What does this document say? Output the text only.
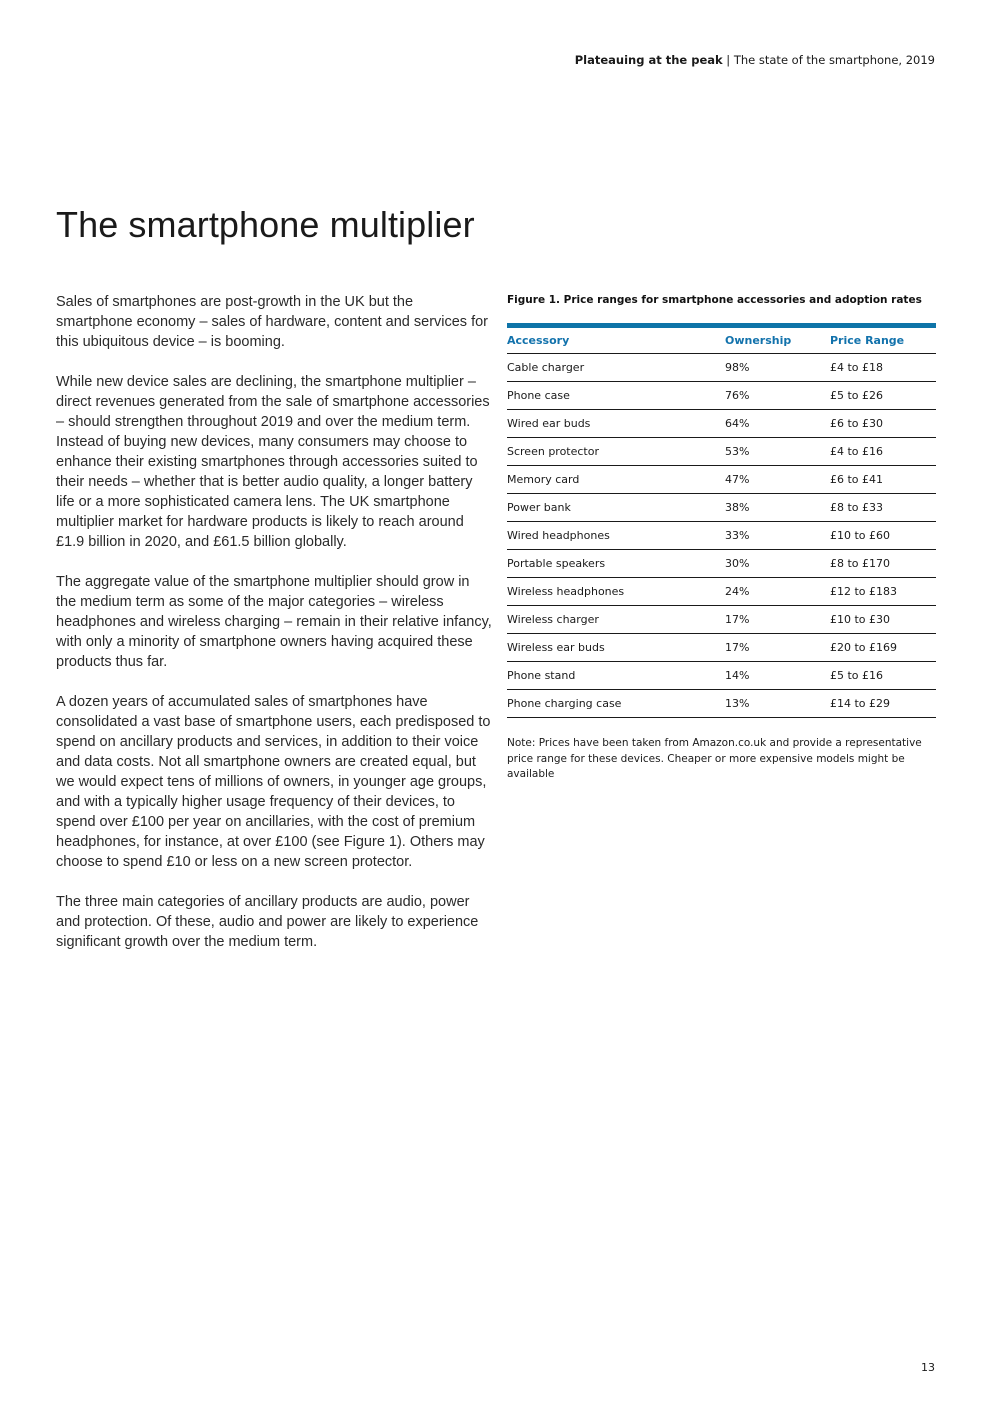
Plateauing at the peak | The state of the smartphone, 2019
The smartphone multiplier

Sales of smartphones are post-growth in the UK but the smartphone economy – sales of hardware, content and services for this ubiquitous device – is booming.

While new device sales are declining, the smartphone multiplier – direct revenues generated from the sale of smartphone accessories – should strengthen throughout 2019 and over the medium term. Instead of buying new devices, many consumers may choose to enhance their existing smartphones through accessories suited to their needs – whether that is better audio quality, a longer battery life or a more sophisticated camera lens. The UK smartphone multiplier market for hardware products is likely to reach around £1.9 billion in 2020, and £61.5 billion globally.

The aggregate value of the smartphone multiplier should grow in the medium term as some of the major categories – wireless headphones and wireless charging – remain in their relative infancy, with only a minority of smartphone owners having acquired these products thus far.

A dozen years of accumulated sales of smartphones have consolidated a vast base of smartphone users, each predisposed to spend on ancillary products and services, in addition to their voice and data costs. Not all smartphone owners are created equal, but we would expect tens of millions of owners, in younger age groups, and with a typically higher usage frequency of their devices, to spend over £100 per year on ancillaries, with the cost of premium headphones, for instance, at over £100 (see Figure 1). Others may choose to spend £10 or less on a new screen protector.

The three main categories of ancillary products are audio, power and protection. Of these, audio and power are likely to experience significant growth over the medium term.

Figure 1. Price ranges for smartphone accessories and adoption rates
Accessory	Ownership	Price Range
Cable charger	98%	£4 to £18
Phone case	76%	£5 to £26
Wired ear buds	64%	£6 to £30
Screen protector	53%	£4 to £16
Memory card	47%	£6 to £41
Power bank	38%	£8 to £33
Wired headphones	33%	£10 to £60
Portable speakers	30%	£8 to £170
Wireless headphones	24%	£12 to £183
Wireless charger	17%	£10 to £30
Wireless ear buds	17%	£20 to £169
Phone stand	14%	£5 to £16
Phone charging case	13%	£14 to £29
Note: Prices have been taken from Amazon.co.uk and provide a representative price range for these devices. Cheaper or more expensive models might be available
13
